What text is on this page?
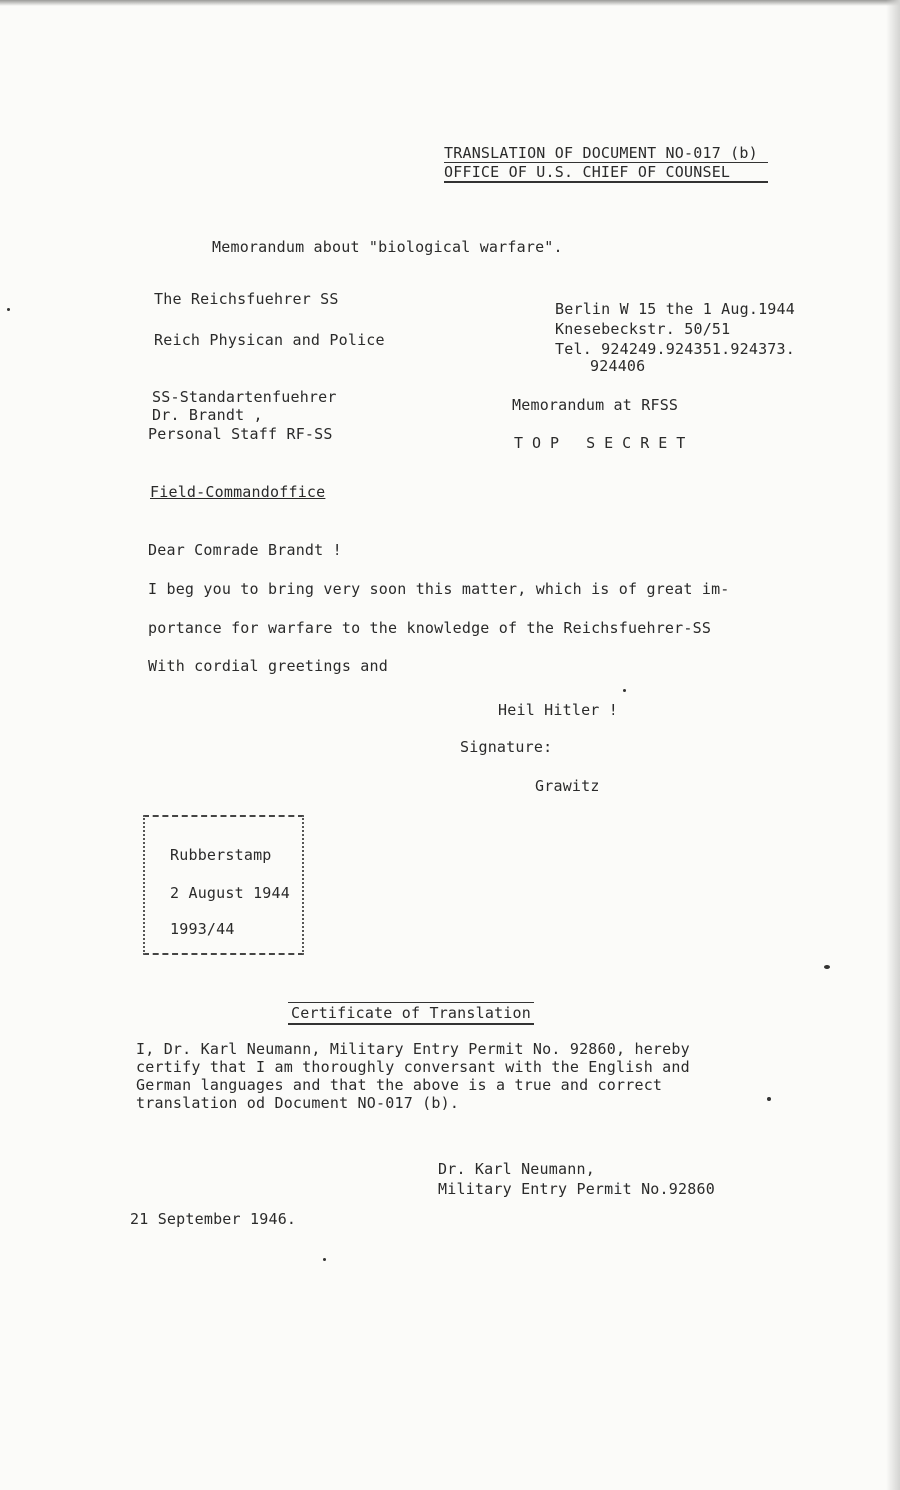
TRANSLATION OF DOCUMENT NO-017 (b)
OFFICE OF U.S. CHIEF OF COUNSEL
Memorandum about "biological warfare".
The Reichsfuehrer SS
Reich Physican and Police
Berlin W 15 the 1 Aug.1944
Knesebeckstr. 50/51
Tel. 924249.924351.924373.
924406
SS-Standartenfuehrer
Dr. Brandt ,
Personal Staff RF-SS
Memorandum at RFSS
TOP SECRET
Field-Commandoffice
Dear Comrade Brandt !
I beg you to bring very soon this matter, which is of great im-
portance for warfare to the knowledge of the Reichsfuehrer-SS
With cordial greetings and
Heil Hitler !
Signature:
Grawitz
Rubberstamp
2 August 1944
1993/44
Certificate of Translation
I, Dr. Karl Neumann, Military Entry Permit No. 92860, hereby
certify that I am thoroughly conversant with the English and
German languages and that the above is a true and correct
translation od Document NO-017 (b).
Dr. Karl Neumann,
Military Entry Permit No.92860
21 September 1946.
